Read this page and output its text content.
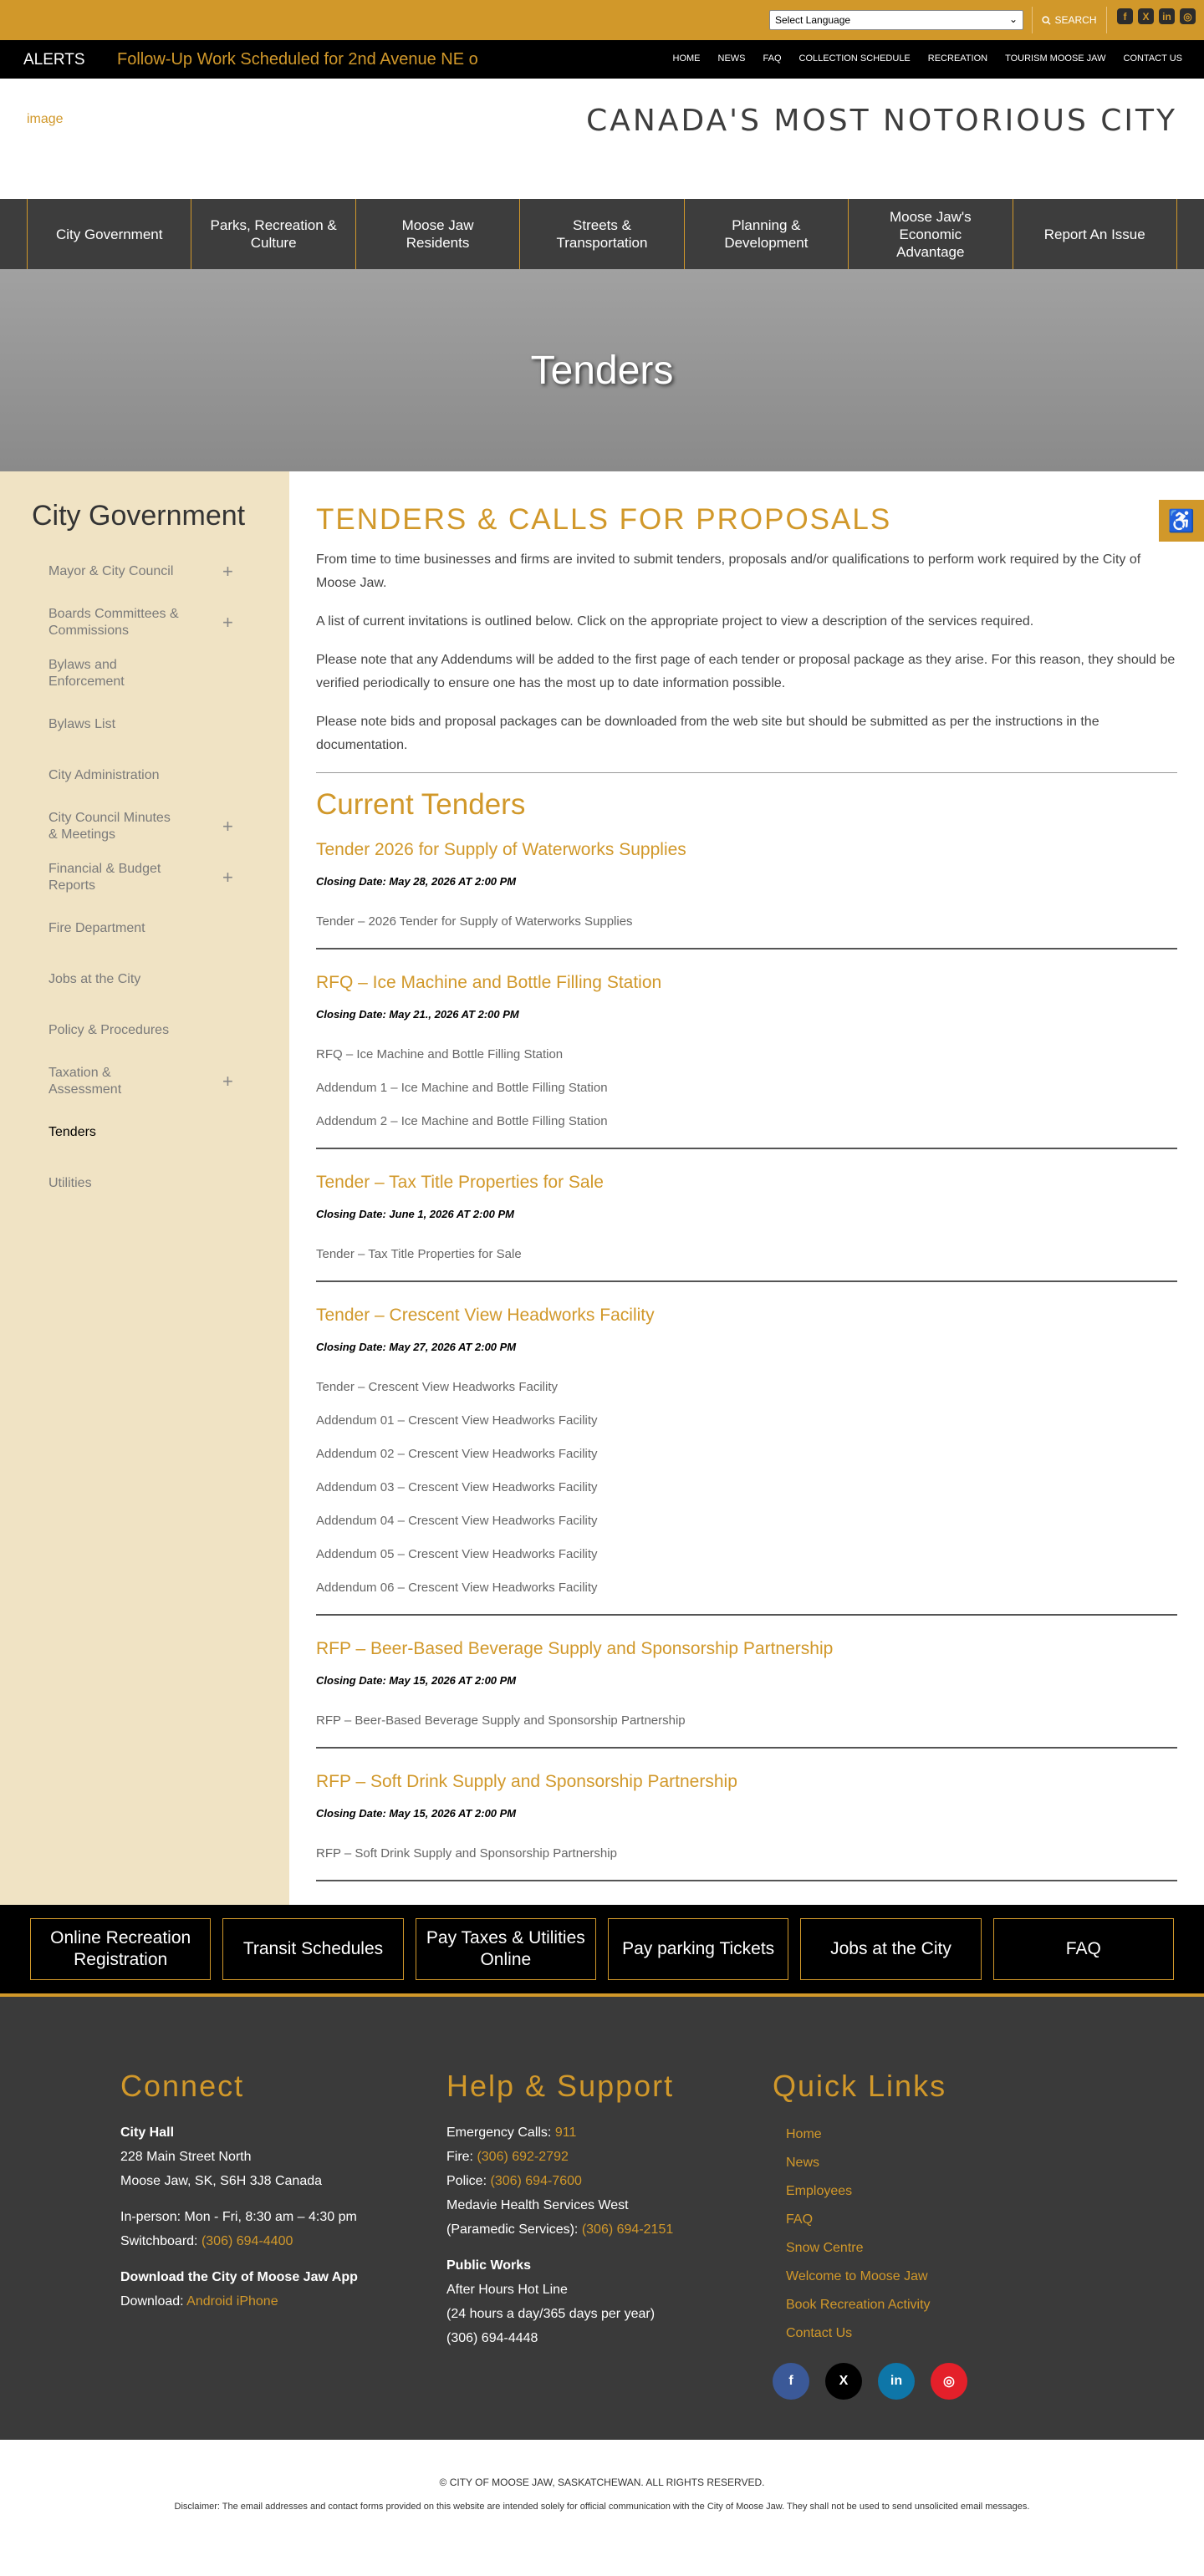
Select Language	⌄	SEARCH	f	X	in	◎
ALERTS Follow-Up Work Scheduled for 2nd Avenue NE o	HOME NEWS FAQ COLLECTION SCHEDULE RECREATION TOURISM MOOSE JAW CONTACT US
image	CANADA'S MOST NOTORIOUS CITY
City Government
Parks, Recreation & Culture
Moose Jaw Residents
Streets & Transportation
Planning & Development
Moose Jaw's Economic Advantage
Report An Issue
Tenders
City Government
Mayor & City Council	+
Boards Committees & Commissions	+
Bylaws and Enforcement
Bylaws List
City Administration
City Council Minutes & Meetings	+
Financial & Budget Reports	+
Fire Department
Jobs at the City
Policy & Procedures
Taxation & Assessment	+
Tenders
Utilities
TENDERS & CALLS FOR PROPOSALS

From time to time businesses and firms are invited to submit tenders, proposals and/or qualifications to perform work required by the City of Moose Jaw.

A list of current invitations is outlined below. Click on the appropriate project to view a description of the services required.

Please note that any Addendums will be added to the first page of each tender or proposal package as they arise. For this reason, they should be verified periodically to ensure one has the most up to date information possible.

Please note bids and proposal packages can be downloaded from the web site but should be submitted as per the instructions in the documentation.

Current Tenders
Tender 2026 for Supply of Waterworks Supplies
Closing Date: May 28, 2026 AT 2:00 PM
Tender – 2026 Tender for Supply of Waterworks Supplies
RFQ – Ice Machine and Bottle Filling Station
Closing Date: May 21., 2026 AT 2:00 PM
RFQ – Ice Machine and Bottle Filling Station
Addendum 1 – Ice Machine and Bottle Filling Station
Addendum 2 – Ice Machine and Bottle Filling Station
Tender – Tax Title Properties for Sale
Closing Date: June 1, 2026 AT 2:00 PM
Tender – Tax Title Properties for Sale
Tender – Crescent View Headworks Facility
Closing Date: May 27, 2026 AT 2:00 PM
Tender – Crescent View Headworks Facility
Addendum 01 – Crescent View Headworks Facility
Addendum 02 – Crescent View Headworks Facility
Addendum 03 – Crescent View Headworks Facility
Addendum 04 – Crescent View Headworks Facility
Addendum 05 – Crescent View Headworks Facility
Addendum 06 – Crescent View Headworks Facility
RFP – Beer-Based Beverage Supply and Sponsorship Partnership
Closing Date: May 15, 2026 AT 2:00 PM
RFP – Beer-Based Beverage Supply and Sponsorship Partnership
RFP – Soft Drink Supply and Sponsorship Partnership
Closing Date: May 15, 2026 AT 2:00 PM
RFP – Soft Drink Supply and Sponsorship Partnership
♿
Online Recreation Registration
Transit Schedules
Pay Taxes & Utilities Online
Pay parking Tickets	Jobs at the City	FAQ
Connect

City Hall

228 Main Street North

Moose Jaw, SK, S6H 3J8 Canada

In-person: Mon - Fri, 8:30 am – 4:30 pm

Switchboard: (306) 694-4400

Download the City of Moose Jaw App

Download: Android iPhone

Help & Support

Emergency Calls: 911

Fire: (306) 692-2792

Police: (306) 694-7600

Medavie Health Services West

(Paramedic Services): (306) 694-2151

Public Works

After Hours Hot Line

(24 hours a day/365 days per year)

(306) 694-4448

Quick Links
Home
News
Employees
FAQ
Snow Centre
Welcome to Moose Jaw
Book Recreation Activity
Contact Us
f	X	in	◎
© CITY OF MOOSE JAW, SASKATCHEWAN. ALL RIGHTS RESERVED.
Disclaimer: The email addresses and contact forms provided on this website are intended solely for official communication with the City of Moose Jaw. They shall not be used to send unsolicited email messages.
